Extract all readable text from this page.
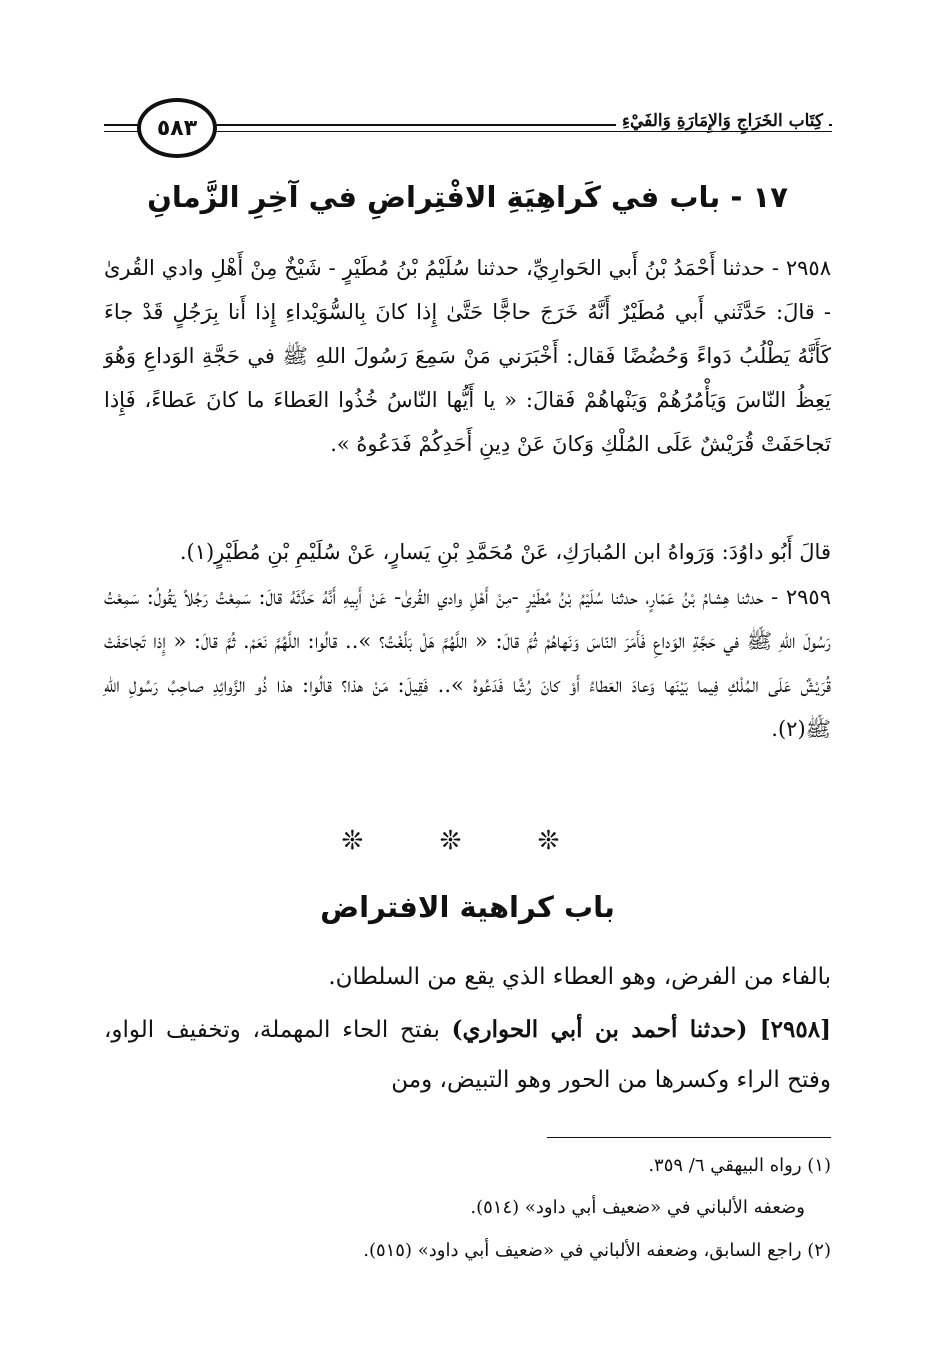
٥٨٣	كِتَاب الخَرَاجِ وَالإِمَارَةِ وَالفَيْءِ
١٧ - باب في كَراهِيَةِ الافْتِراضِ في آخِرِ الزَّمانِ
٢٩٥٨ - حدثنا أَحْمَدُ بْنُ أَبي الحَوارِيِّ، حدثنا سُلَيْمُ بْنُ مُطَيْرٍ - شَيْخٌ مِنْ أَهْلِ وادي القُرىٰ - قالَ: حَدَّثَني أَبي مُطَيْرٌ أَنَّهُ خَرَجَ حاجًّا حَتَّىٰ إِذا كانَ بِالسُّوَيْداءِ إِذا أَنا بِرَجُلٍ قَدْ جاءَ كَأَنَّهُ يَطْلُبُ دَواءً وَحُضُضًا فَقال: أَخْبَرَني مَنْ سَمِعَ رَسُولَ اللهِ ﷺ في حَجَّةِ الوَداعِ وَهُوَ يَعِظُ النّاسَ وَيَأْمُرُهُمْ وَيَنْهاهُمْ فَقالَ: « يا أَيُّها النّاسُ خُذُوا العَطاءَ ما كانَ عَطاءً، فَإِذا تَجاحَفَتْ قُرَيْشٌ عَلَى المُلْكِ وَكانَ عَنْ دِينِ أَحَدِكُمْ فَدَعُوهُ ».
قالَ أَبُو داوُدَ: وَرَواهُ ابن المُبارَكِ، عَنْ مُحَمَّدِ بْنِ يَسارٍ، عَنْ سُلَيْمِ بْنِ مُطَيْرٍ(١).
٢٩٥٩ - حدثنا هِشامُ بْنُ عَمّارٍ، حدثنا سُلَيْمُ بْنُ مُطَيْرٍ -مِنْ أَهْلِ وادي القُرىٰ- عَنْ أَبِيهِ أَنَّهُ حَدَّثَهُ قالَ: سَمِعْتُ رَجُلاً يَقُولُ: سَمِعْتُ رَسُولَ اللهِ ﷺ في حَجَّةِ الوَداعِ فَأَمَرَ النّاسَ وَنَهاهُمْ ثُمَّ قالَ: « اللَّهُمَّ هَلْ بَلَّغْتُ؟ ».. قالُوا: اللَّهُمَّ نَعَمْ. ثُمَّ قالَ: « إِذا تَجاحَفَتْ قُرَيْشٌ عَلَى المُلْكِ فِيما بَيْنَها وَعادَ العَطاءُ أَوْ كانَ رُشًا فَدَعُوهُ ».. فَقِيلَ: مَنْ هذا؟ قالُوا: هذا ذُو الزَّوائِدِ صاحِبُ رَسُولِ اللهِ ﷺ(٢).
❊ ❊ ❊
باب كراهية الافتراض
بالفاء من الفرض، وهو العطاء الذي يقع من السلطان.
[٢٩٥٨] (حدثنا أحمد بن أبي الحواري) بفتح الحاء المهملة، وتخفيف الواو، وفتح الراء وكسرها من الحور وهو التبيض، ومن
(١) رواه البيهقي ٦/ ٣٥٩.
وضعفه الألباني في «ضعيف أبي داود» (٥١٤).
(٢) راجع السابق، وضعفه الألباني في «ضعيف أبي داود» (٥١٥).
